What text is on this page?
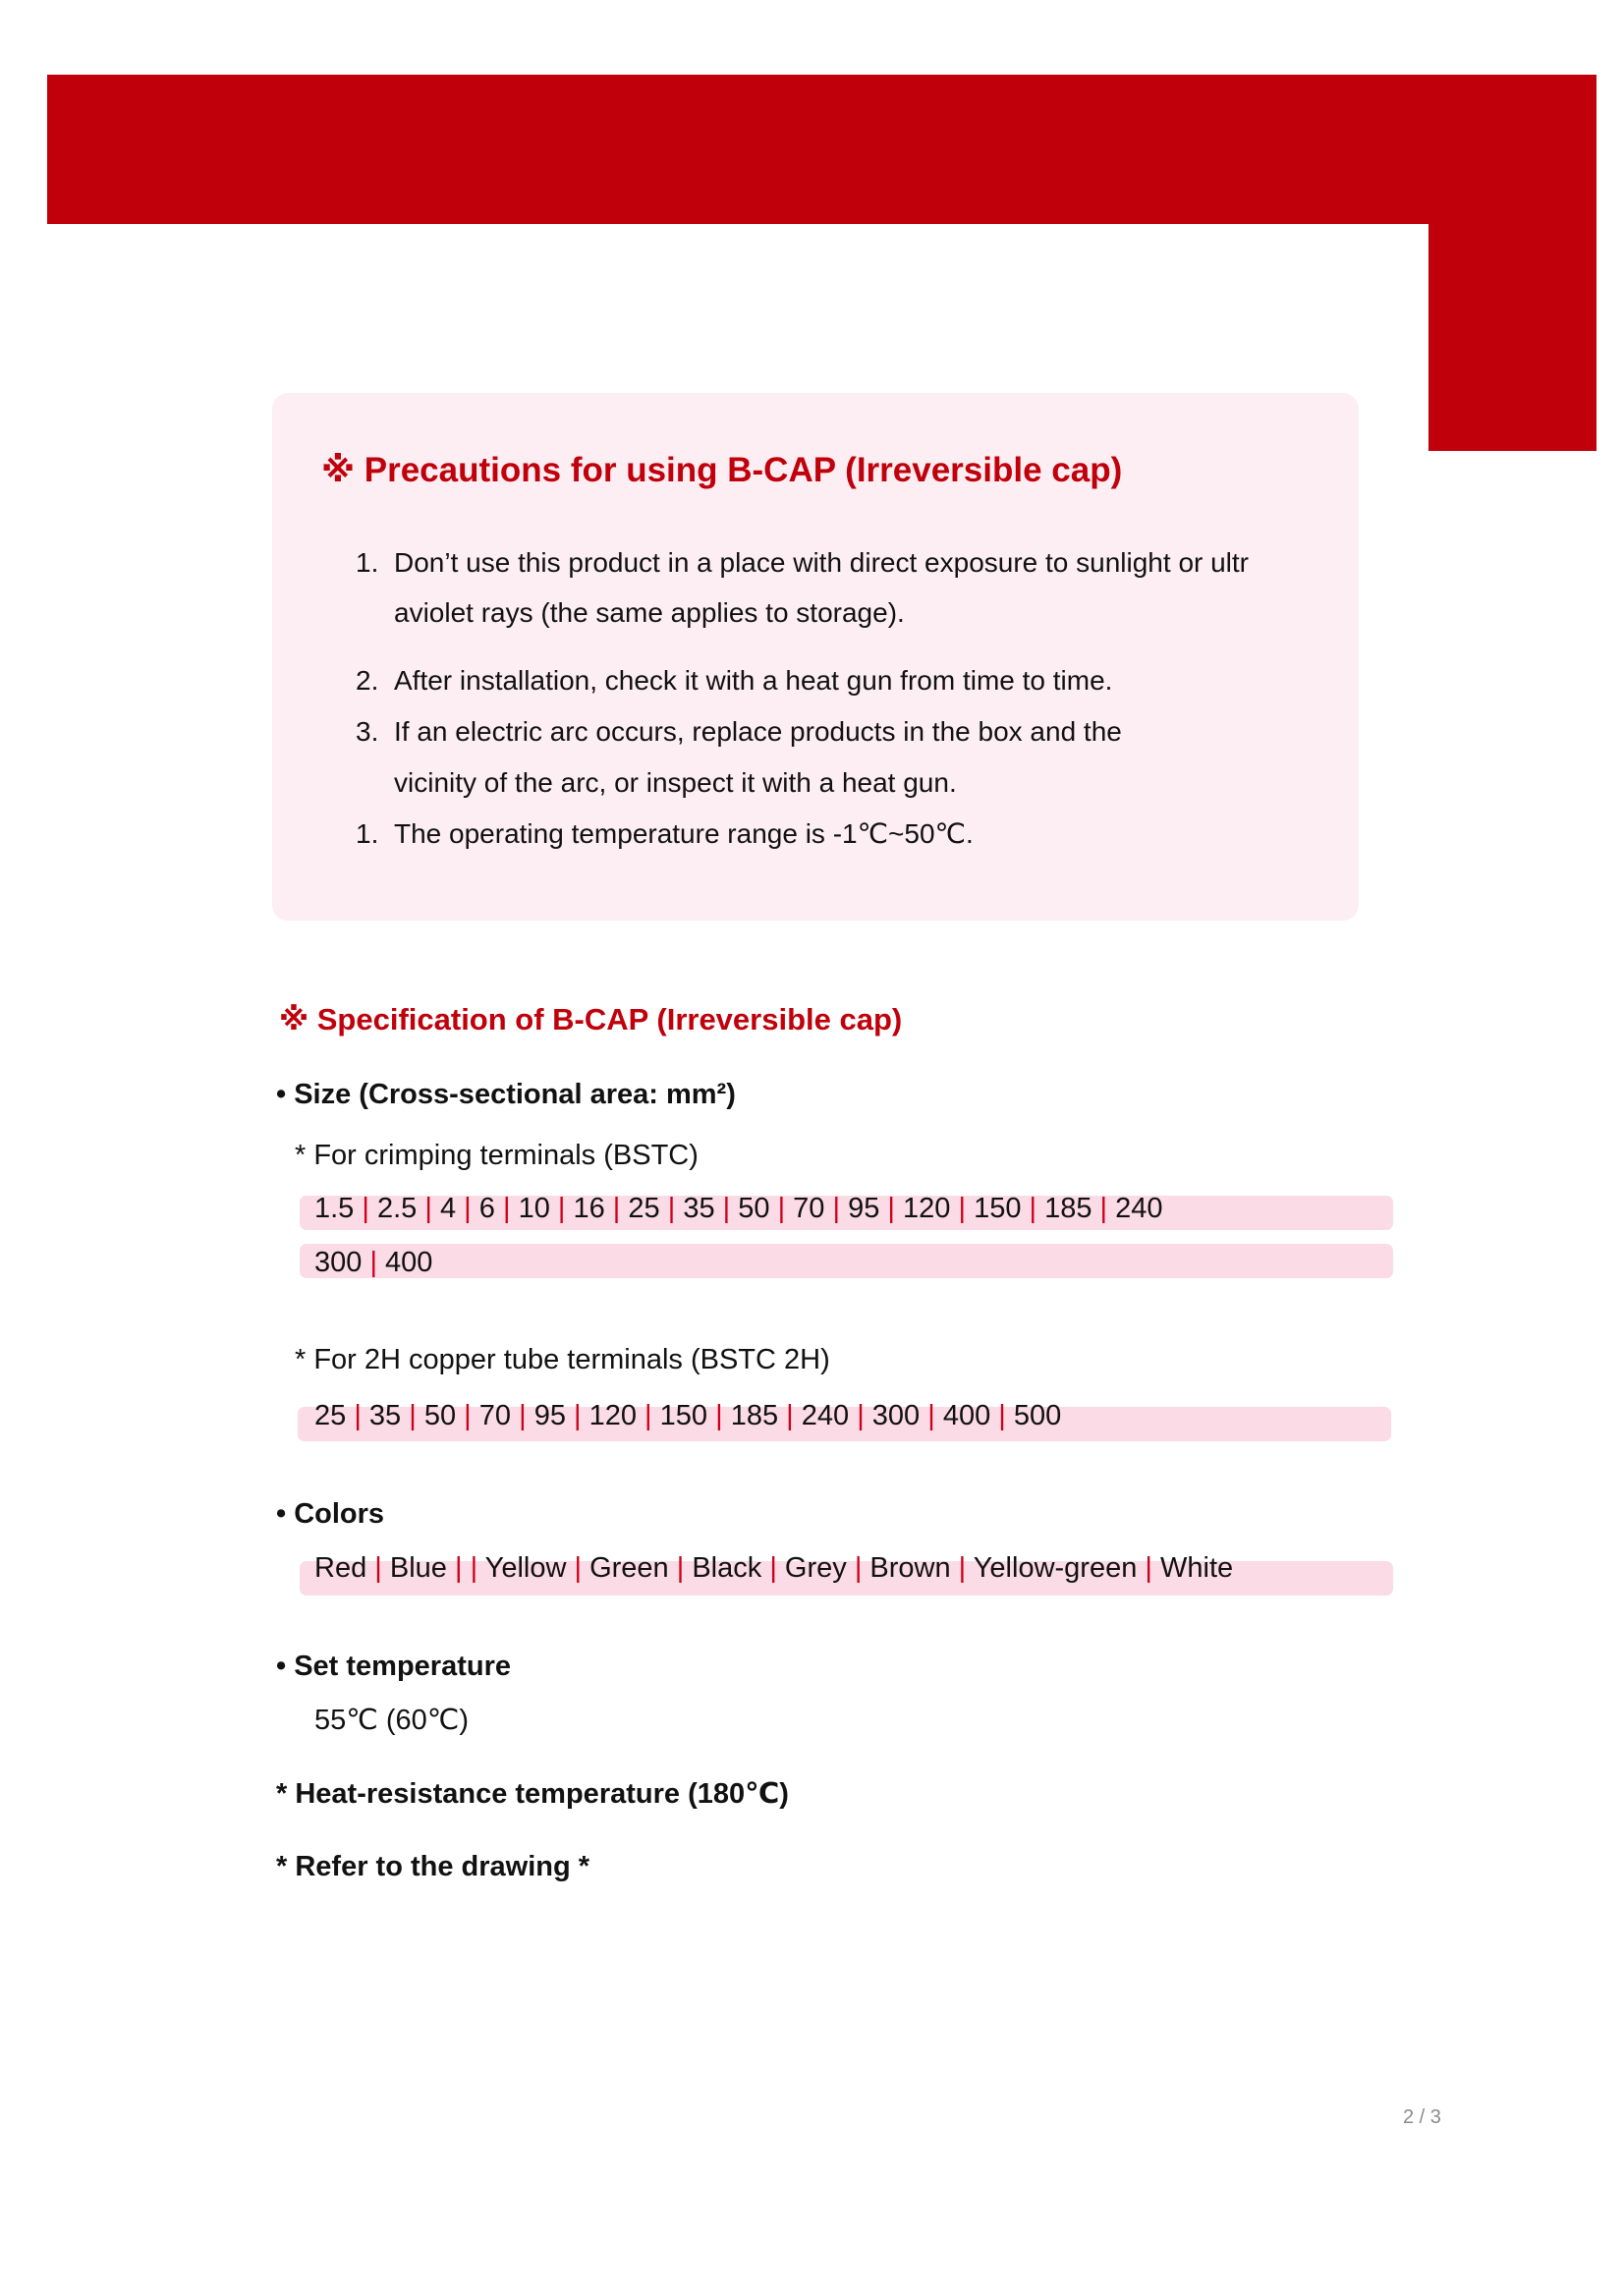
※ Precautions for using B-CAP (Irreversible cap)
1. Don’t use this product in a place with direct exposure to sunlight or ultr
aviolet rays (the same applies to storage).
2. After installation, check it with a heat gun from time to time.
3. If an electric arc occurs, replace products in the box and the
vicinity of the arc, or inspect it with a heat gun.
1. The operating temperature range is -1℃~50℃.
※ Specification of B-CAP (Irreversible cap)
• Size (Cross-sectional area: mm²)
* For crimping terminals (BSTC)
1.5 | 2.5 | 4 | 6 | 10 | 16 | 25 | 35 | 50 | 70 | 95 | 120 | 150 | 185 | 240
300 | 400
* For 2H copper tube terminals (BSTC 2H)
25 | 35 | 50 | 70 | 95 | 120 | 150 | 185 | 240 | 300 | 400 | 500
• Colors
Red | Blue | | Yellow | Green | Black | Grey | Brown | Yellow-green | White
• Set temperature
55℃ (60℃)
* Heat-resistance temperature (180℃)
* Refer to the drawing *
2 / 3
